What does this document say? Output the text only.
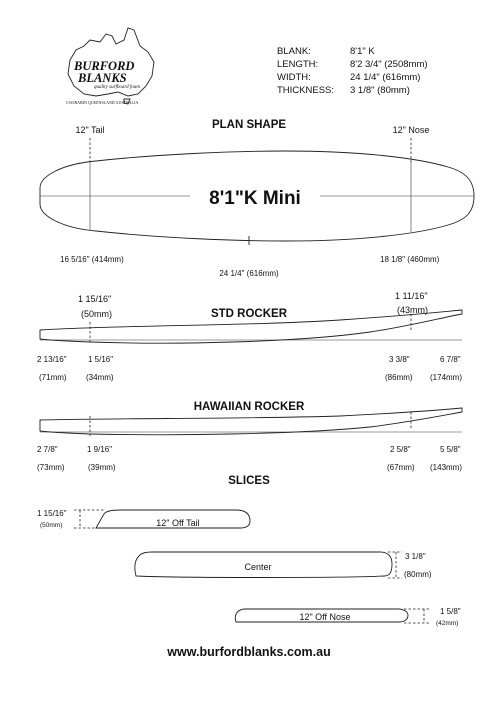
BURFORD
BLANKS
quality surfboard foam
COORABIN QUEENSLAND AUSTRALIA
BLANK:	8'1" K
LENGTH:	8'2 3/4" (2508mm)
WIDTH:	24 1/4" (616mm)
THICKNESS: 3 1/8" (80mm)
PLAN SHAPE
12" Tail	12" Nose
8'1"K Mini
16 5/16" (414mm)	18 1/8" (460mm)
24 1/4" (616mm)
1 15/16"
(50mm)	STD ROCKER
1 11/16"
(43mm)
2 13/16"
(71mm)
1 5/16"
(34mm)
3 3/8"
(86mm)
6 7/8"
(174mm)
HAWAIIAN ROCKER
2 7/8"
(73mm)
1 9/16"
(39mm)
2 5/8"
(67mm)
5 5/8"
(143mm)
SLICES
1 15/16"
(50mm)	12" Off Tail
Center
3 1/8"
(80mm)
12" Off Nose
1 5/8"
(42mm)
www.burfordblanks.com.au
